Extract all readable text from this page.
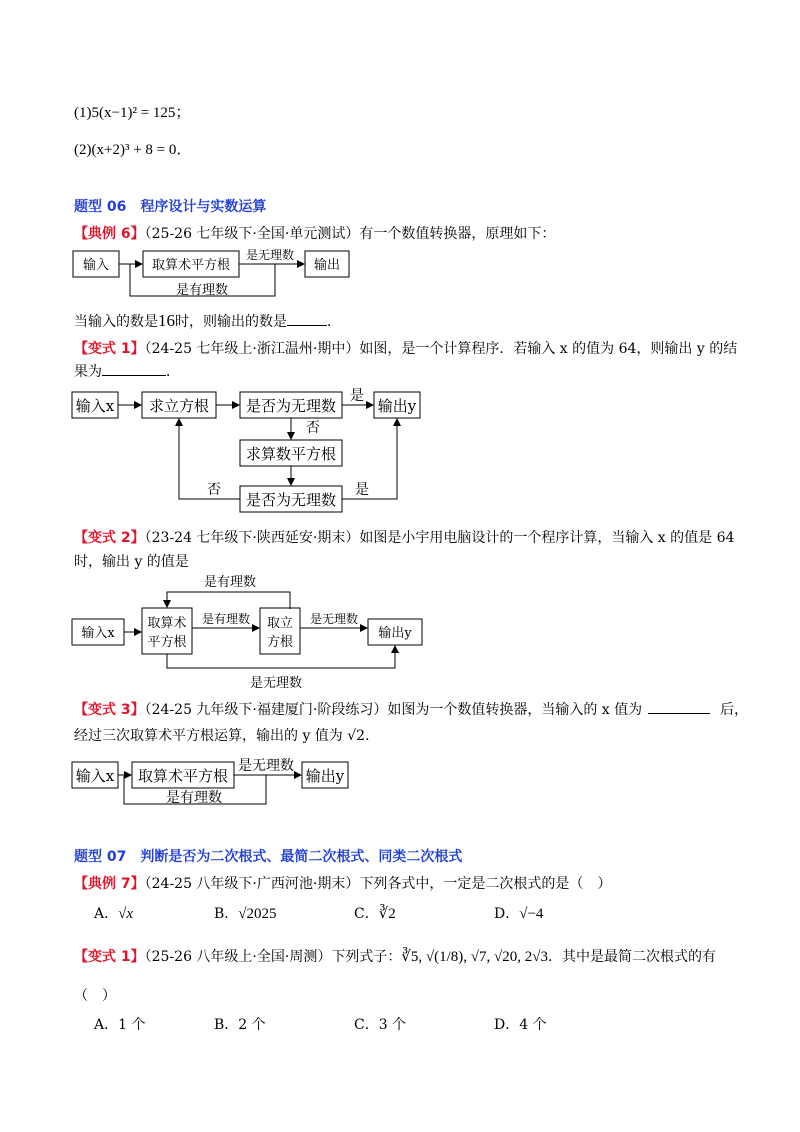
(1)5(x−1)² = 125；
(2)(x+2)³ + 8 = 0．
题型 06　程序设计与实数运算
【典例 6】（25-26 七年级下·全国·单元测试）有一个数值转换器，原理如下：
输入	取算术平方根	输出
是无理数
是有理数
当输入的数是16时，则输出的数是	．
【变式 1】（24-25 七年级上·浙江温州·期中）如图，是一个计算程序．若输入 x 的值为 64，则输出 y 的结
果为	．
输入x 求立方根 是否为无理数	输出y
是
否
求算数平方根
是否为无理数
否	是
【变式 2】（23-24 七年级下·陕西延安·期末）如图是小宇用电脑设计的一个程序计算，当输入 x 的值是 64
时，输出 y 的值是
是有理数
输入x
取算术
平方根
取立
方根
输出y
是有理数	是无理数
是无理数
【变式 3】（24-25 九年级下·福建厦门·阶段练习）如图为一个数值转换器，当输入的 x 值为	后，
经过三次取算术平方根运算，输出的 y 值为 √2．
输入x 取算术平方根	输出y
是无理数
是有理数
题型 07　判断是否为二次根式、最简二次根式、同类二次根式
【典例 7】（24-25 八年级下·广西河池·期末）下列各式中，一定是二次根式的是（　）
A．√x	B．√2025	C．∛2	D．√−4
【变式 1】（25-26 八年级上·全国·周测）下列式子：∛5, √(1/8), √7, √20, 2√3．其中是最简二次根式的有
（　）
A．1 个	B．2 个	C．3 个	D．4 个
